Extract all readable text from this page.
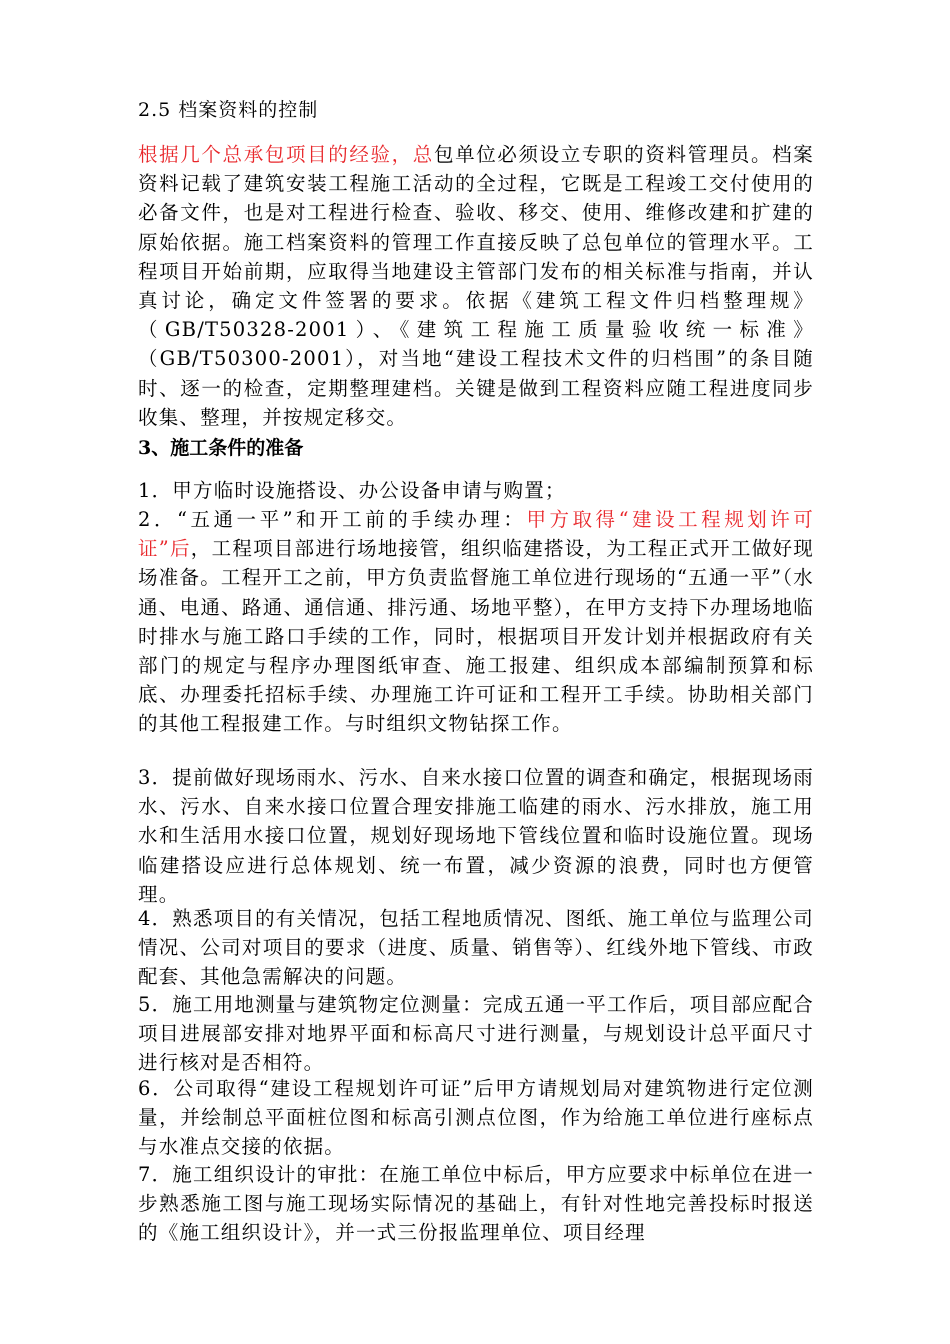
2.5 档案资料的控制

根据几个总承包项目的经验，总包单位必须设立专职的资料管理员。档案资料记载了建筑安装工程施工活动的全过程，它既是工程竣工交付使用的必备文件，也是对工程进行检查、验收、移交、使用、维修改建和扩建的原始依据。施工档案资料的管理工作直接反映了总包单位的管理水平。工程项目开始前期，应取得当地建设主管部门发布的相关标准与指南，并认真讨论，确定文件签署的要求。依据《建筑工程文件归档整理规》（GB/T50328-2001）、《建筑工程施工质量验收统一标准》（GB/T50300-2001），对当地“建设工程技术文件的归档围”的条目随时、逐一的检查，定期整理建档。关键是做到工程资料应随工程进度同步收集、整理，并按规定移交。

3、施工条件的准备

1．甲方临时设施搭设、办公设备申请与购置；

2．“五通一平”和开工前的手续办理：甲方取得“建设工程规划许可证”后，工程项目部进行场地接管，组织临建搭设，为工程正式开工做好现场准备。工程开工之前，甲方负责监督施工单位进行现场的“五通一平”（水通、电通、路通、通信通、排污通、场地平整），在甲方支持下办理场地临时排水与施工路口手续的工作，同时，根据项目开发计划并根据政府有关部门的规定与程序办理图纸审查、施工报建、组织成本部编制预算和标底、办理委托招标手续、办理施工许可证和工程开工手续。协助相关部门的其他工程报建工作。与时组织文物钻探工作。

3．提前做好现场雨水、污水、自来水接口位置的调查和确定，根据现场雨水、污水、自来水接口位置合理安排施工临建的雨水、污水排放，施工用水和生活用水接口位置，规划好现场地下管线位置和临时设施位置。现场临建搭设应进行总体规划、统一布置，减少资源的浪费，同时也方便管理。

4．熟悉项目的有关情况，包括工程地质情况、图纸、施工单位与监理公司情况、公司对项目的要求（进度、质量、销售等）、红线外地下管线、市政配套、其他急需解决的问题。

5．施工用地测量与建筑物定位测量：完成五通一平工作后，项目部应配合项目进展部安排对地界平面和标高尺寸进行测量，与规划设计总平面尺寸进行核对是否相符。

6．公司取得“建设工程规划许可证”后甲方请规划局对建筑物进行定位测量，并绘制总平面桩位图和标高引测点位图，作为给施工单位进行座标点与水准点交接的依据。

7．施工组织设计的审批：在施工单位中标后，甲方应要求中标单位在进一步熟悉施工图与施工现场实际情况的基础上，有针对性地完善投标时报送的《施工组织设计》，并一式三份报监理单位、项目经理
